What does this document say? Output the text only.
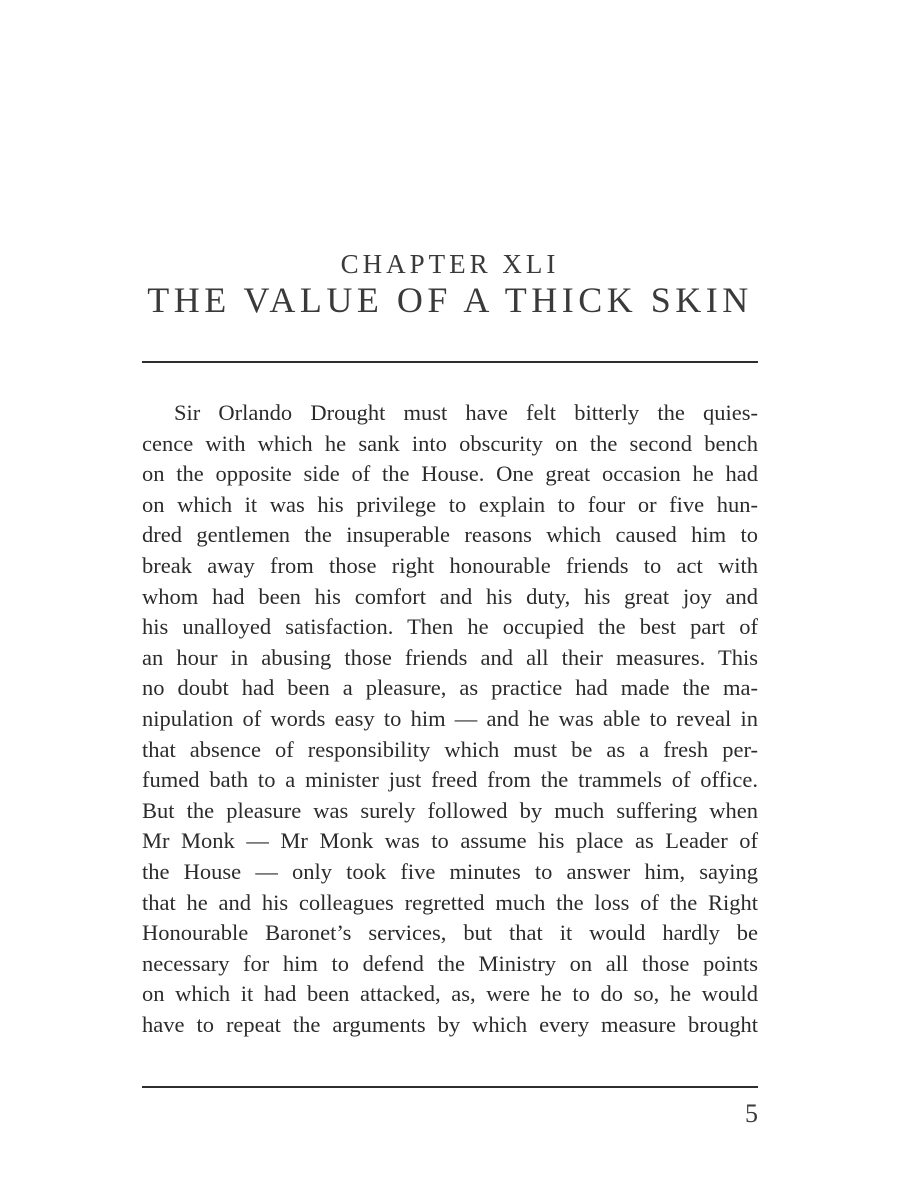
CHAPTER XLI
THE VALUE OF A THICK SKIN
Sir Orlando Drought must have felt bitterly the quies-
cence with which he sank into obscurity on the second bench
on the opposite side of the House. One great occasion he had
on which it was his privilege to explain to four or five hun-
dred gentlemen the insuperable reasons which caused him to
break away from those right honourable friends to act with
whom had been his comfort and his duty, his great joy and
his unalloyed satisfaction. Then he occupied the best part of
an hour in abusing those friends and all their measures. This
no doubt had been a pleasure, as practice had made the ma-
nipulation of words easy to him — and he was able to reveal in
that absence of responsibility which must be as a fresh per-
fumed bath to a minister just freed from the trammels of office.
But the pleasure was surely followed by much suffering when
Mr Monk — Mr Monk was to assume his place as Leader of
the House — only took five minutes to answer him, saying
that he and his colleagues regretted much the loss of the Right
Honourable Baronet’s services, but that it would hardly be
necessary for him to defend the Ministry on all those points
on which it had been attacked, as, were he to do so, he would
have to repeat the arguments by which every measure brought
5
